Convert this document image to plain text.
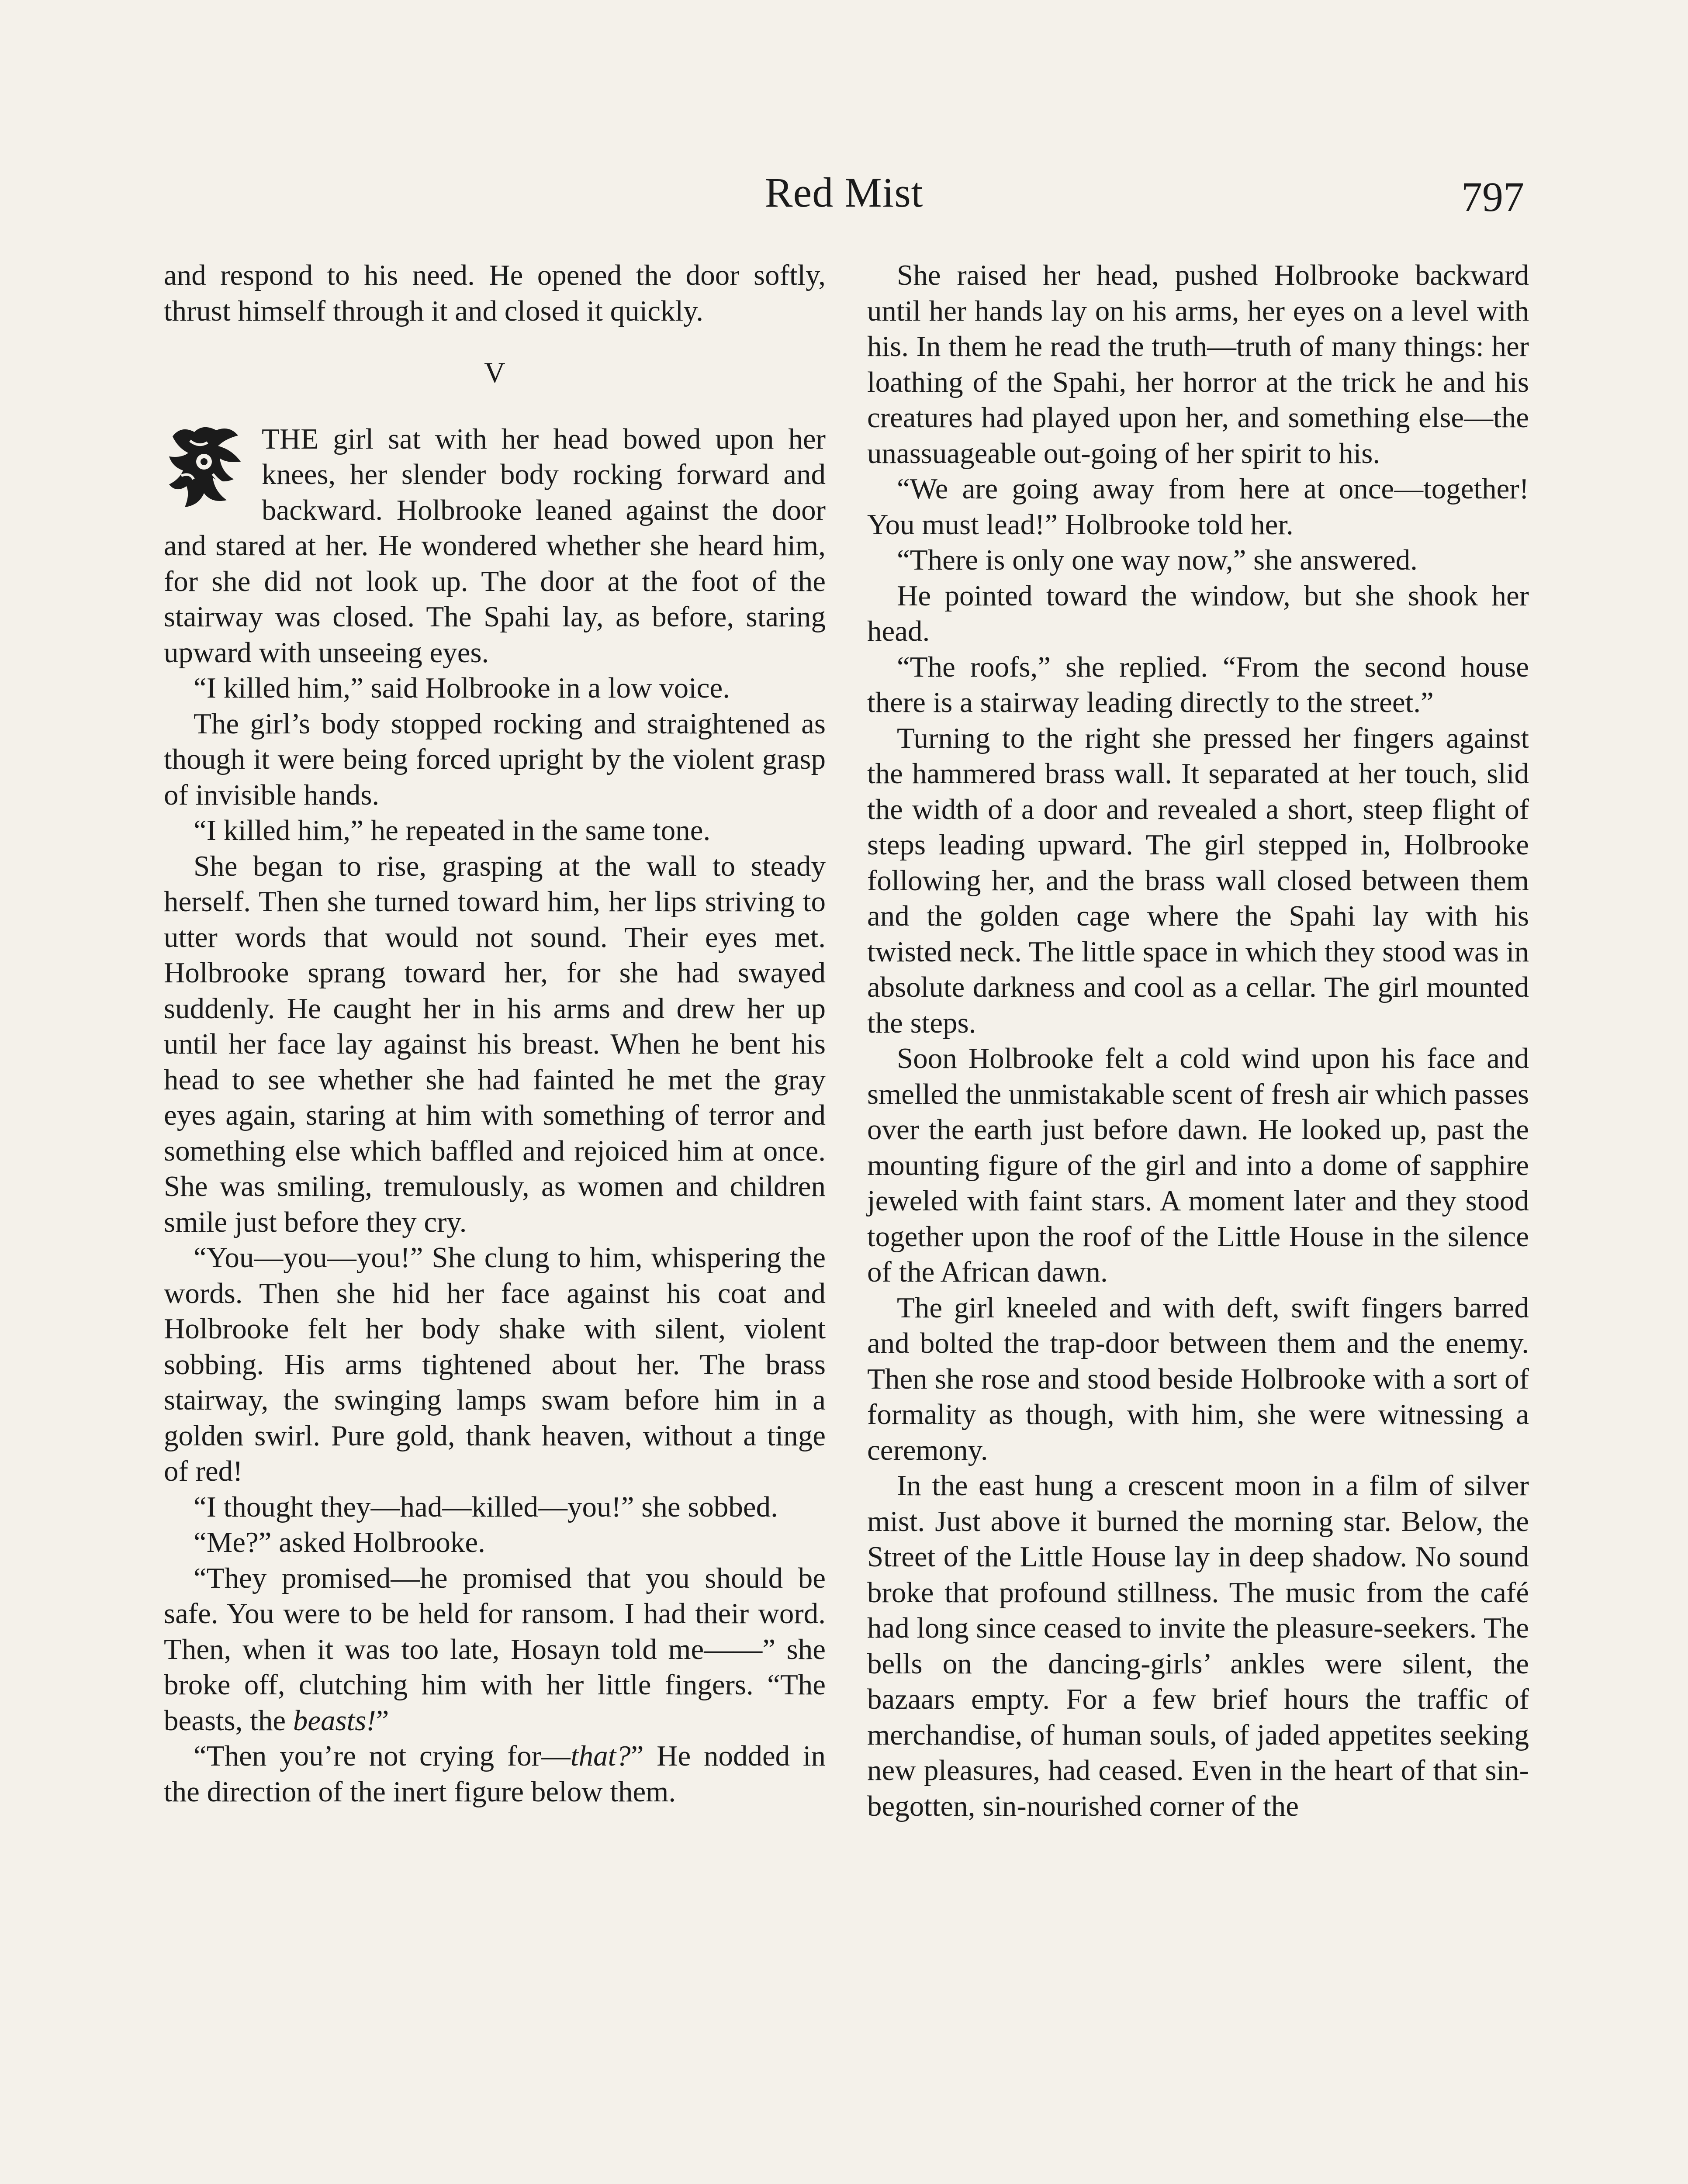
Red Mist	797

and respond to his need. He opened the door softly, thrust himself through it and closed it quickly.

V

THE girl sat with her head bowed upon her knees, her slender body rocking forward and backward. Holbrooke leaned against the door and stared at her. He wondered whether she heard him, for she did not look up. The door at the foot of the stairway was closed. The Spahi lay, as before, staring upward with unseeing eyes.

“I killed him,” said Holbrooke in a low voice.

The girl’s body stopped rocking and straightened as though it were being forced upright by the violent grasp of invisible hands.

“I killed him,” he repeated in the same tone.

She began to rise, grasping at the wall to steady herself. Then she turned toward him, her lips striving to utter words that would not sound. Their eyes met. Holbrooke sprang toward her, for she had swayed suddenly. He caught her in his arms and drew her up until her face lay against his breast. When he bent his head to see whether she had fainted he met the gray eyes again, staring at him with something of terror and something else which baffled and rejoiced him at once. She was smiling, tremulously, as women and children smile just before they cry.

“You—you—you!” She clung to him, whispering the words. Then she hid her face against his coat and Holbrooke felt her body shake with silent, violent sobbing. His arms tightened about her. The brass stairway, the swinging lamps swam before him in a golden swirl. Pure gold, thank heaven, without a tinge of red!

“I thought they—had—killed—you!” she sobbed.

“Me?” asked Holbrooke.

“They promised—he promised that you should be safe. You were to be held for ransom. I had their word. Then, when it was too late, Hosayn told me——” she broke off, clutching him with her little fingers. “The beasts, the beasts!”

“Then you’re not crying for—that?” He nodded in the direction of the inert figure below them.

She raised her head, pushed Holbrooke backward until her hands lay on his arms, her eyes on a level with his. In them he read the truth—truth of many things: her loathing of the Spahi, her horror at the trick he and his creatures had played upon her, and something else—the unassuageable out-going of her spirit to his.

“We are going away from here at once—together! You must lead!” Holbrooke told her.

“There is only one way now,” she answered.

He pointed toward the window, but she shook her head.

“The roofs,” she replied. “From the second house there is a stairway leading directly to the street.”

Turning to the right she pressed her fingers against the hammered brass wall. It separated at her touch, slid the width of a door and revealed a short, steep flight of steps leading upward. The girl stepped in, Holbrooke following her, and the brass wall closed between them and the golden cage where the Spahi lay with his twisted neck. The little space in which they stood was in absolute darkness and cool as a cellar. The girl mounted the steps.

Soon Holbrooke felt a cold wind upon his face and smelled the unmistakable scent of fresh air which passes over the earth just before dawn. He looked up, past the mounting figure of the girl and into a dome of sapphire jeweled with faint stars. A moment later and they stood together upon the roof of the Little House in the silence of the African dawn.

The girl kneeled and with deft, swift fingers barred and bolted the trap-door between them and the enemy. Then she rose and stood beside Holbrooke with a sort of formality as though, with him, she were witnessing a ceremony.

In the east hung a crescent moon in a film of silver mist. Just above it burned the morning star. Below, the Street of the Little House lay in deep shadow. No sound broke that profound stillness. The music from the café had long since ceased to invite the pleasure-seekers. The bells on the dancing-girls’ ankles were silent, the bazaars empty. For a few brief hours the traffic of merchandise, of human souls, of jaded appetites seeking new pleasures, had ceased. Even in the heart of that sin-begotten, sin-nourished corner of the
